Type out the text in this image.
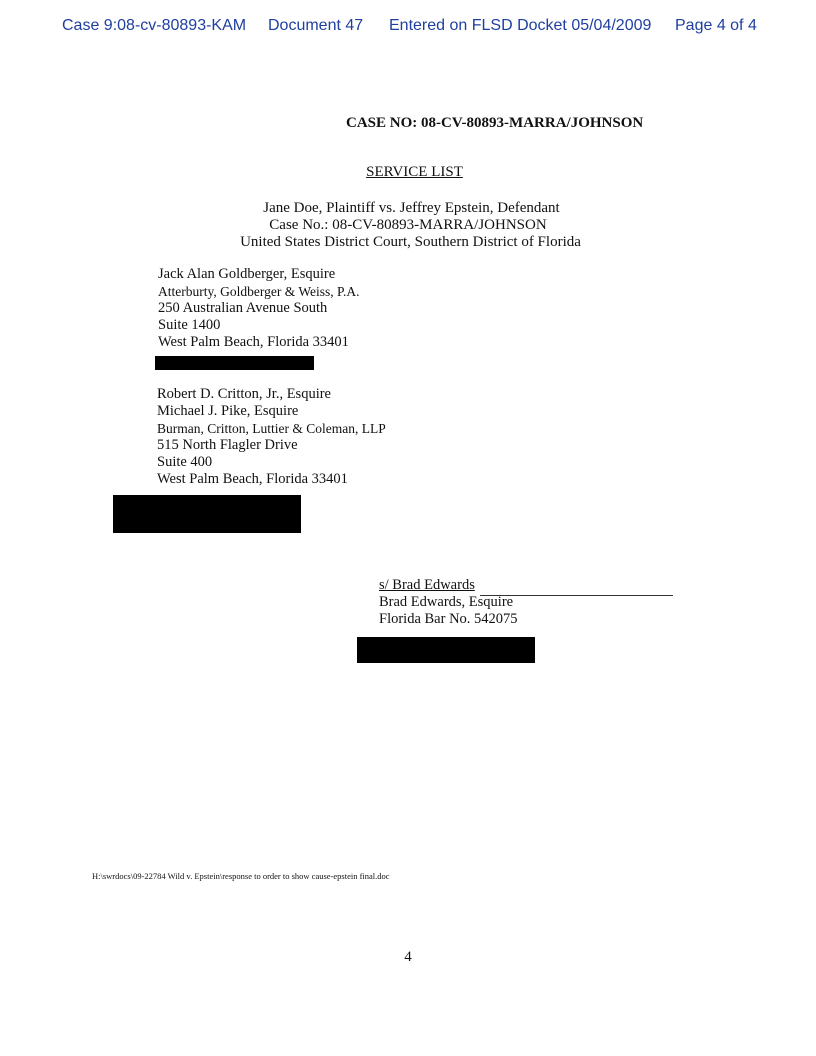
Case 9:08-cv-80893-KAM Document 47 Entered on FLSD Docket 05/04/2009 Page 4 of 4
CASE NO: 08-CV-80893-MARRA/JOHNSON
SERVICE LIST
Jane Doe, Plaintiff vs. Jeffrey Epstein, Defendant
Case No.: 08-CV-80893-MARRA/JOHNSON
United States District Court, Southern District of Florida
Jack Alan Goldberger, Esquire
Atterburty, Goldberger & Weiss, P.A.
250 Australian Avenue South
Suite 1400
West Palm Beach, Florida 33401
Robert D. Critton, Jr., Esquire
Michael J. Pike, Esquire
Burman, Critton, Luttier & Coleman, LLP
515 North Flagler Drive
Suite 400
West Palm Beach, Florida 33401
s/ Brad Edwards
Brad Edwards, Esquire
Florida Bar No. 542075
H:\swrdocs\09-22784 Wild v. Epstein\response to order to show cause-epstein final.doc
4
